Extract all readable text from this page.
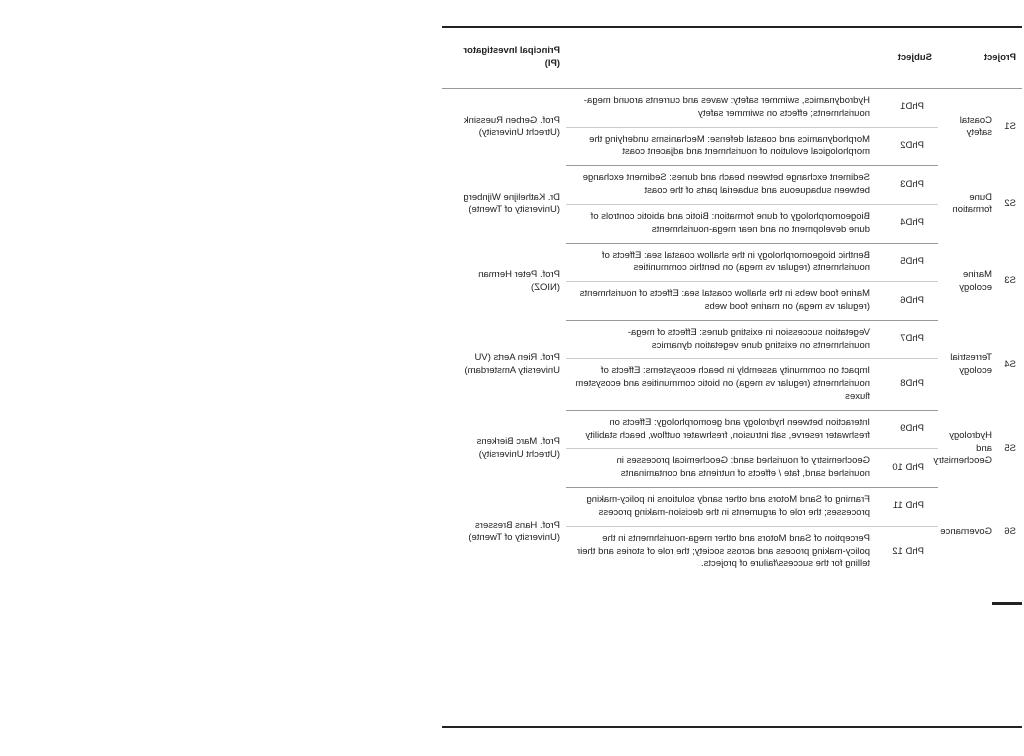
Project		Subject		Principal Investigator (PI)
S1	Coastal safety	PhD1	Hydrodynamics, swimmer safety: waves and currents around mega-nourishments; effects on swimmer safety	Prof. Gerben Ruessink (Utrecht University)
		PhD2	Morphodynamics and coastal defense: Mechanisms underlying the morphological evolution of nourishment and adjacent coast	
S2	Dune formation	PhD3	Sediment exchange between beach and dunes: Sediment exchange between subaqueous and subaerial parts of the coast	Dr. Kathelijne Wijnberg (University of Twente)
		PhD4	Biogeomorphology of dune formation: Biotic and abiotic controls of dune development on and near mega-nourishments	
S3	Marine ecology	PhD5	Benthic biogeomorphology in the shallow coastal sea: Effects of nourishments (regular vs mega) on benthic communities	Prof. Peter Herman (NIOZ)
		PhD6	Marine food webs in the shallow coastal sea: Effects of nourishments (regular vs mega) on marine food webs	
S4	Terrestrial ecology	PhD7	Vegetation succession in existing dunes: Effects of mega-nourishments on existing dune vegetation dynamics	Prof. Rien Aerts (VU University Amsterdam)
		PhD8	Impact on community assembly in beach ecosystems: Effects of nourishments (regular vs mega) on biotic communities and ecosystem fluxes	
S5	Hydrology and Geochemistry	PhD9	Interaction between hydrology and geomorphology: Effects on freshwater reserve, salt intrusion, freshwater outflow, beach stability	Prof. Marc Bierkens (Utrecht University)
		PhD 10	Geochemistry of nourished sand: Geochemical processes in nourished sand, fate / effects of nutrients and contaminants	
S6	Governance	PhD 11	Framing of Sand Motors and other sandy solutions in policy-making processes; the role of arguments in the decision-making process	Prof. Hans Bressers (University of Twente)
		PhD 12	Perception of Sand Motors and other mega-nourishments in the policy-making process and across society; the role of stories and their telling for the success/failure of projects.	
